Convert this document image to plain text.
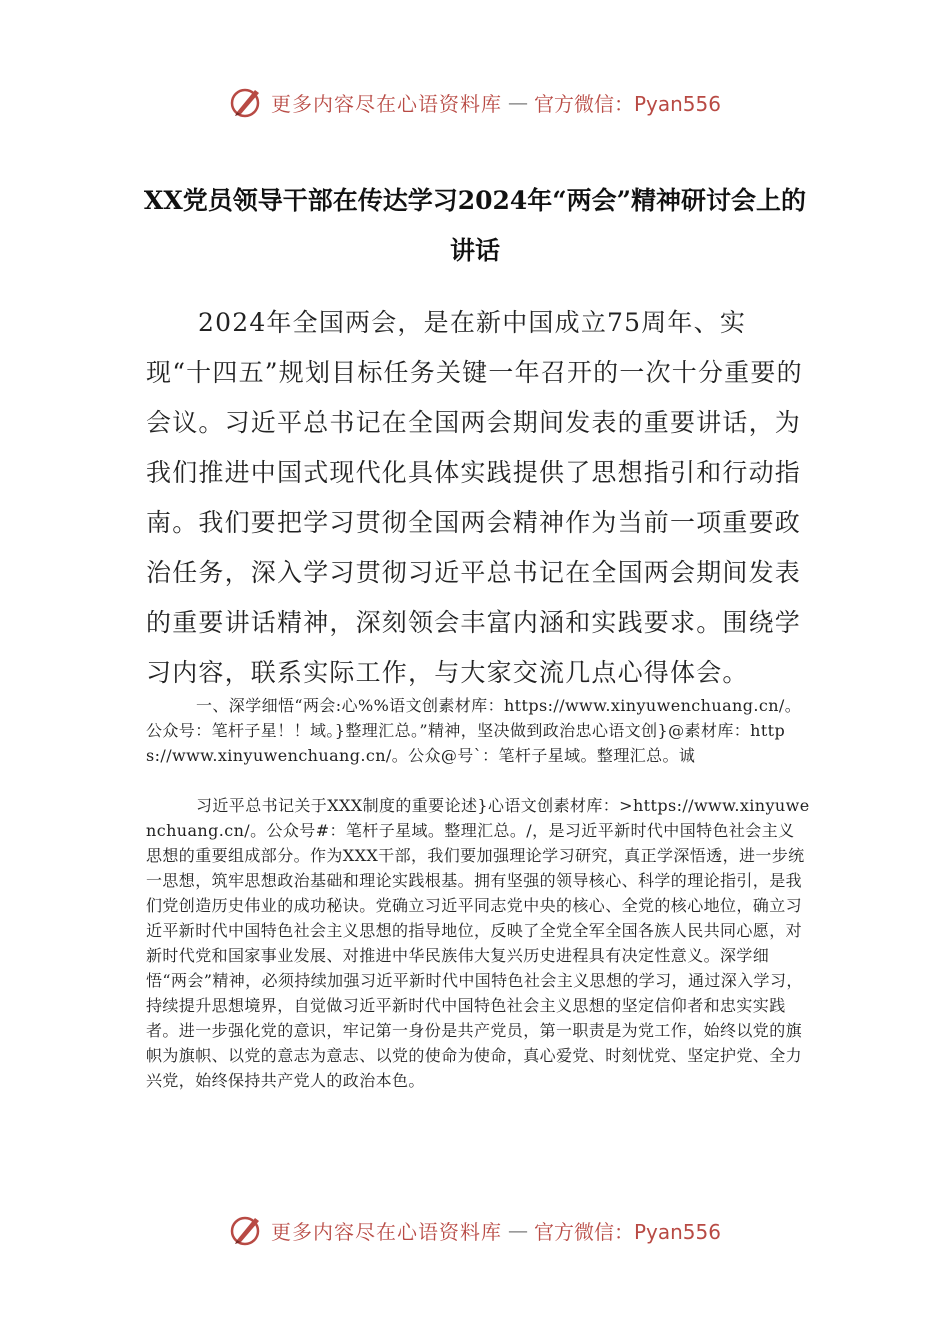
更多内容尽在心语资料库 — 官方微信：Pyan556
XX党员领导干部在传达学习2024年“两会”精神研讨会上的讲话

2024年全国两会，是在新中国成立75周年、实现“十四五”规划目标任务关键一年召开的一次十分重要的会议。习近平总书记在全国两会期间发表的重要讲话，为我们推进中国式现代化具体实践提供了思想指引和行动指南。我们要把学习贯彻全国两会精神作为当前一项重要政治任务，深入学习贯彻习近平总书记在全国两会期间发表的重要讲话精神，深刻领会丰富内涵和实践要求。围绕学习内容，联系实际工作，与大家交流几点心得体会。

一、深学细悟“两会:心%%语文创素材库：https://www.xinyuwenchuang.cn/。公众号：笔杆子星！！域。}整理汇总。”精神，坚决做到政治忠心语文创}@素材库：https://www.xinyuwenchuang.cn/。公众@号`：笔杆子星域。整理汇总。诚

习近平总书记关于XXX制度的重要论述}心语文创素材库：>https://www.xinyuwenchuang.cn/。公众号#：笔杆子星域。整理汇总。/，是习近平新时代中国特色社会主义思想的重要组成部分。作为XXX干部，我们要加强理论学习研究，真正学深悟透，进一步统一思想，筑牢思想政治基础和理论实践根基。拥有坚强的领导核心、科学的理论指引，是我们党创造历史伟业的成功秘诀。党确立习近平同志党中央的核心、全党的核心地位，确立习近平新时代中国特色社会主义思想的指导地位，反映了全党全军全国各族人民共同心愿，对新时代党和国家事业发展、对推进中华民族伟大复兴历史进程具有决定性意义。深学细悟“两会”精神，必须持续加强习近平新时代中国特色社会主义思想的学习，通过深入学习，持续提升思想境界，自觉做习近平新时代中国特色社会主义思想的坚定信仰者和忠实实践者。进一步强化党的意识，牢记第一身份是共产党员，第一职责是为党工作，始终以党的旗帜为旗帜、以党的意志为意志、以党的使命为使命，真心爱党、时刻忧党、坚定护党、全力兴党，始终保持共产党人的政治本色。

更多内容尽在心语资料库 — 官方微信：Pyan556
